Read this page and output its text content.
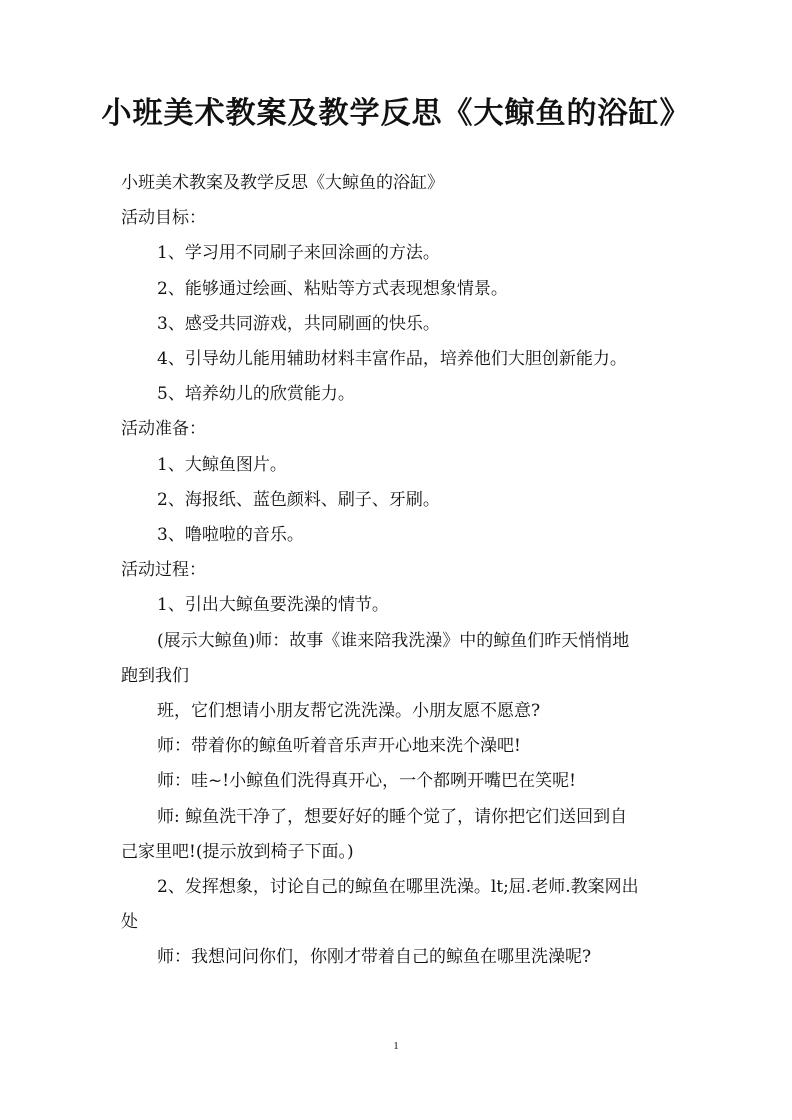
小班美术教案及教学反思《大鲸鱼的浴缸》

小班美术教案及教学反思《大鲸鱼的浴缸》

活动目标：

1、学习用不同刷子来回涂画的方法。

2、能够通过绘画、粘贴等方式表现想象情景。

3、感受共同游戏，共同刷画的快乐。

4、引导幼儿能用辅助材料丰富作品，培养他们大胆创新能力。

5、培养幼儿的欣赏能力。

活动准备：

1、大鲸鱼图片。

2、海报纸、蓝色颜料、刷子、牙刷。

3、噜啦啦的音乐。

活动过程：

1、引出大鲸鱼要洗澡的情节。

(展示大鲸鱼)师：故事《谁来陪我洗澡》中的鲸鱼们昨天悄悄地

跑到我们

班，它们想请小朋友帮它洗洗澡。小朋友愿不愿意?

师：带着你的鲸鱼听着音乐声开心地来洗个澡吧!

师：哇~!小鲸鱼们洗得真开心，一个都咧开嘴巴在笑呢!

师: 鲸鱼洗干净了，想要好好的睡个觉了，请你把它们送回到自

己家里吧!(提示放到椅子下面。)

2、发挥想象，讨论自己的鲸鱼在哪里洗澡。lt;屈.老师.教案网出

处

师：我想问问你们，你刚才带着自己的鲸鱼在哪里洗澡呢?

1
